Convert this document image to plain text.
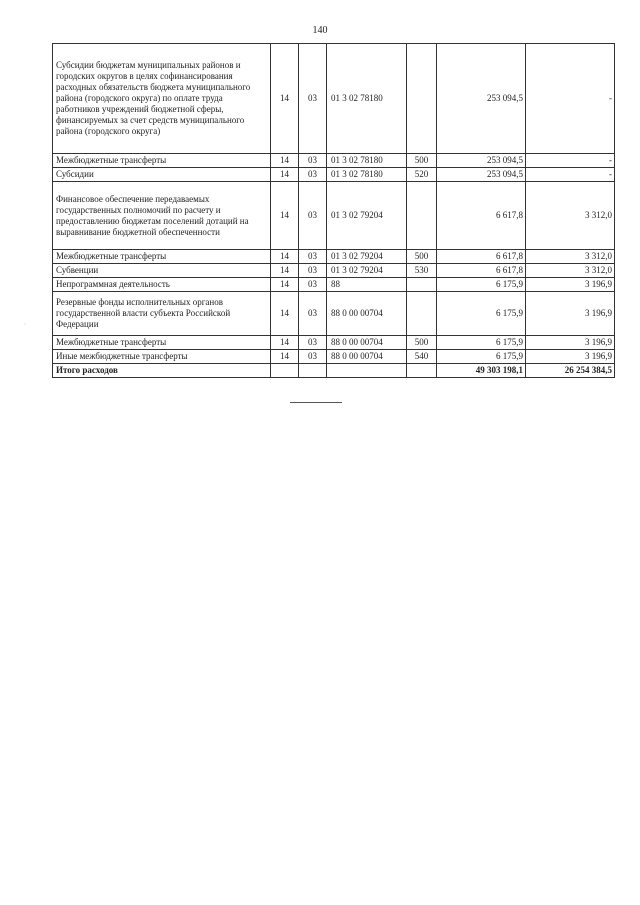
140
Субсидии бюджетам муниципальных районов и городских округов в целях софинансирования расходных обязательств бюджета муниципального района (городского округа) по оплате труда работников учреждений бюджетной сферы, финансируемых за счет средств муниципального района (городского округа)	14	03	01 3 02 78180		253 094,5	-
Межбюджетные трансферты	14	03	01 3 02 78180	500	253 094,5	-
Субсидии	14	03	01 3 02 78180	520	253 094,5	-
Финансовое обеспечение передаваемых государственных полномочий по расчету и предоставлению бюджетам поселений дотаций на выравнивание бюджетной обеспеченности	14	03	01 3 02 79204		6 617,8	3 312,0
Межбюджетные трансферты	14	03	01 3 02 79204	500	6 617,8	3 312,0
Субвенции	14	03	01 3 02 79204	530	6 617,8	3 312,0
Непрограммная деятельность	14	03	88		6 175,9	3 196,9
Резервные фонды исполнительных органов государственной власти субъекта Российской Федерации	14	03	88 0 00 00704		6 175,9	3 196,9
Межбюджетные трансферты	14	03	88 0 00 00704	500	6 175,9	3 196,9
Иные межбюджетные трансферты	14	03	88 0 00 00704	540	6 175,9	3 196,9
Итого расходов					49 303 198,1	26 254 384,5
·
